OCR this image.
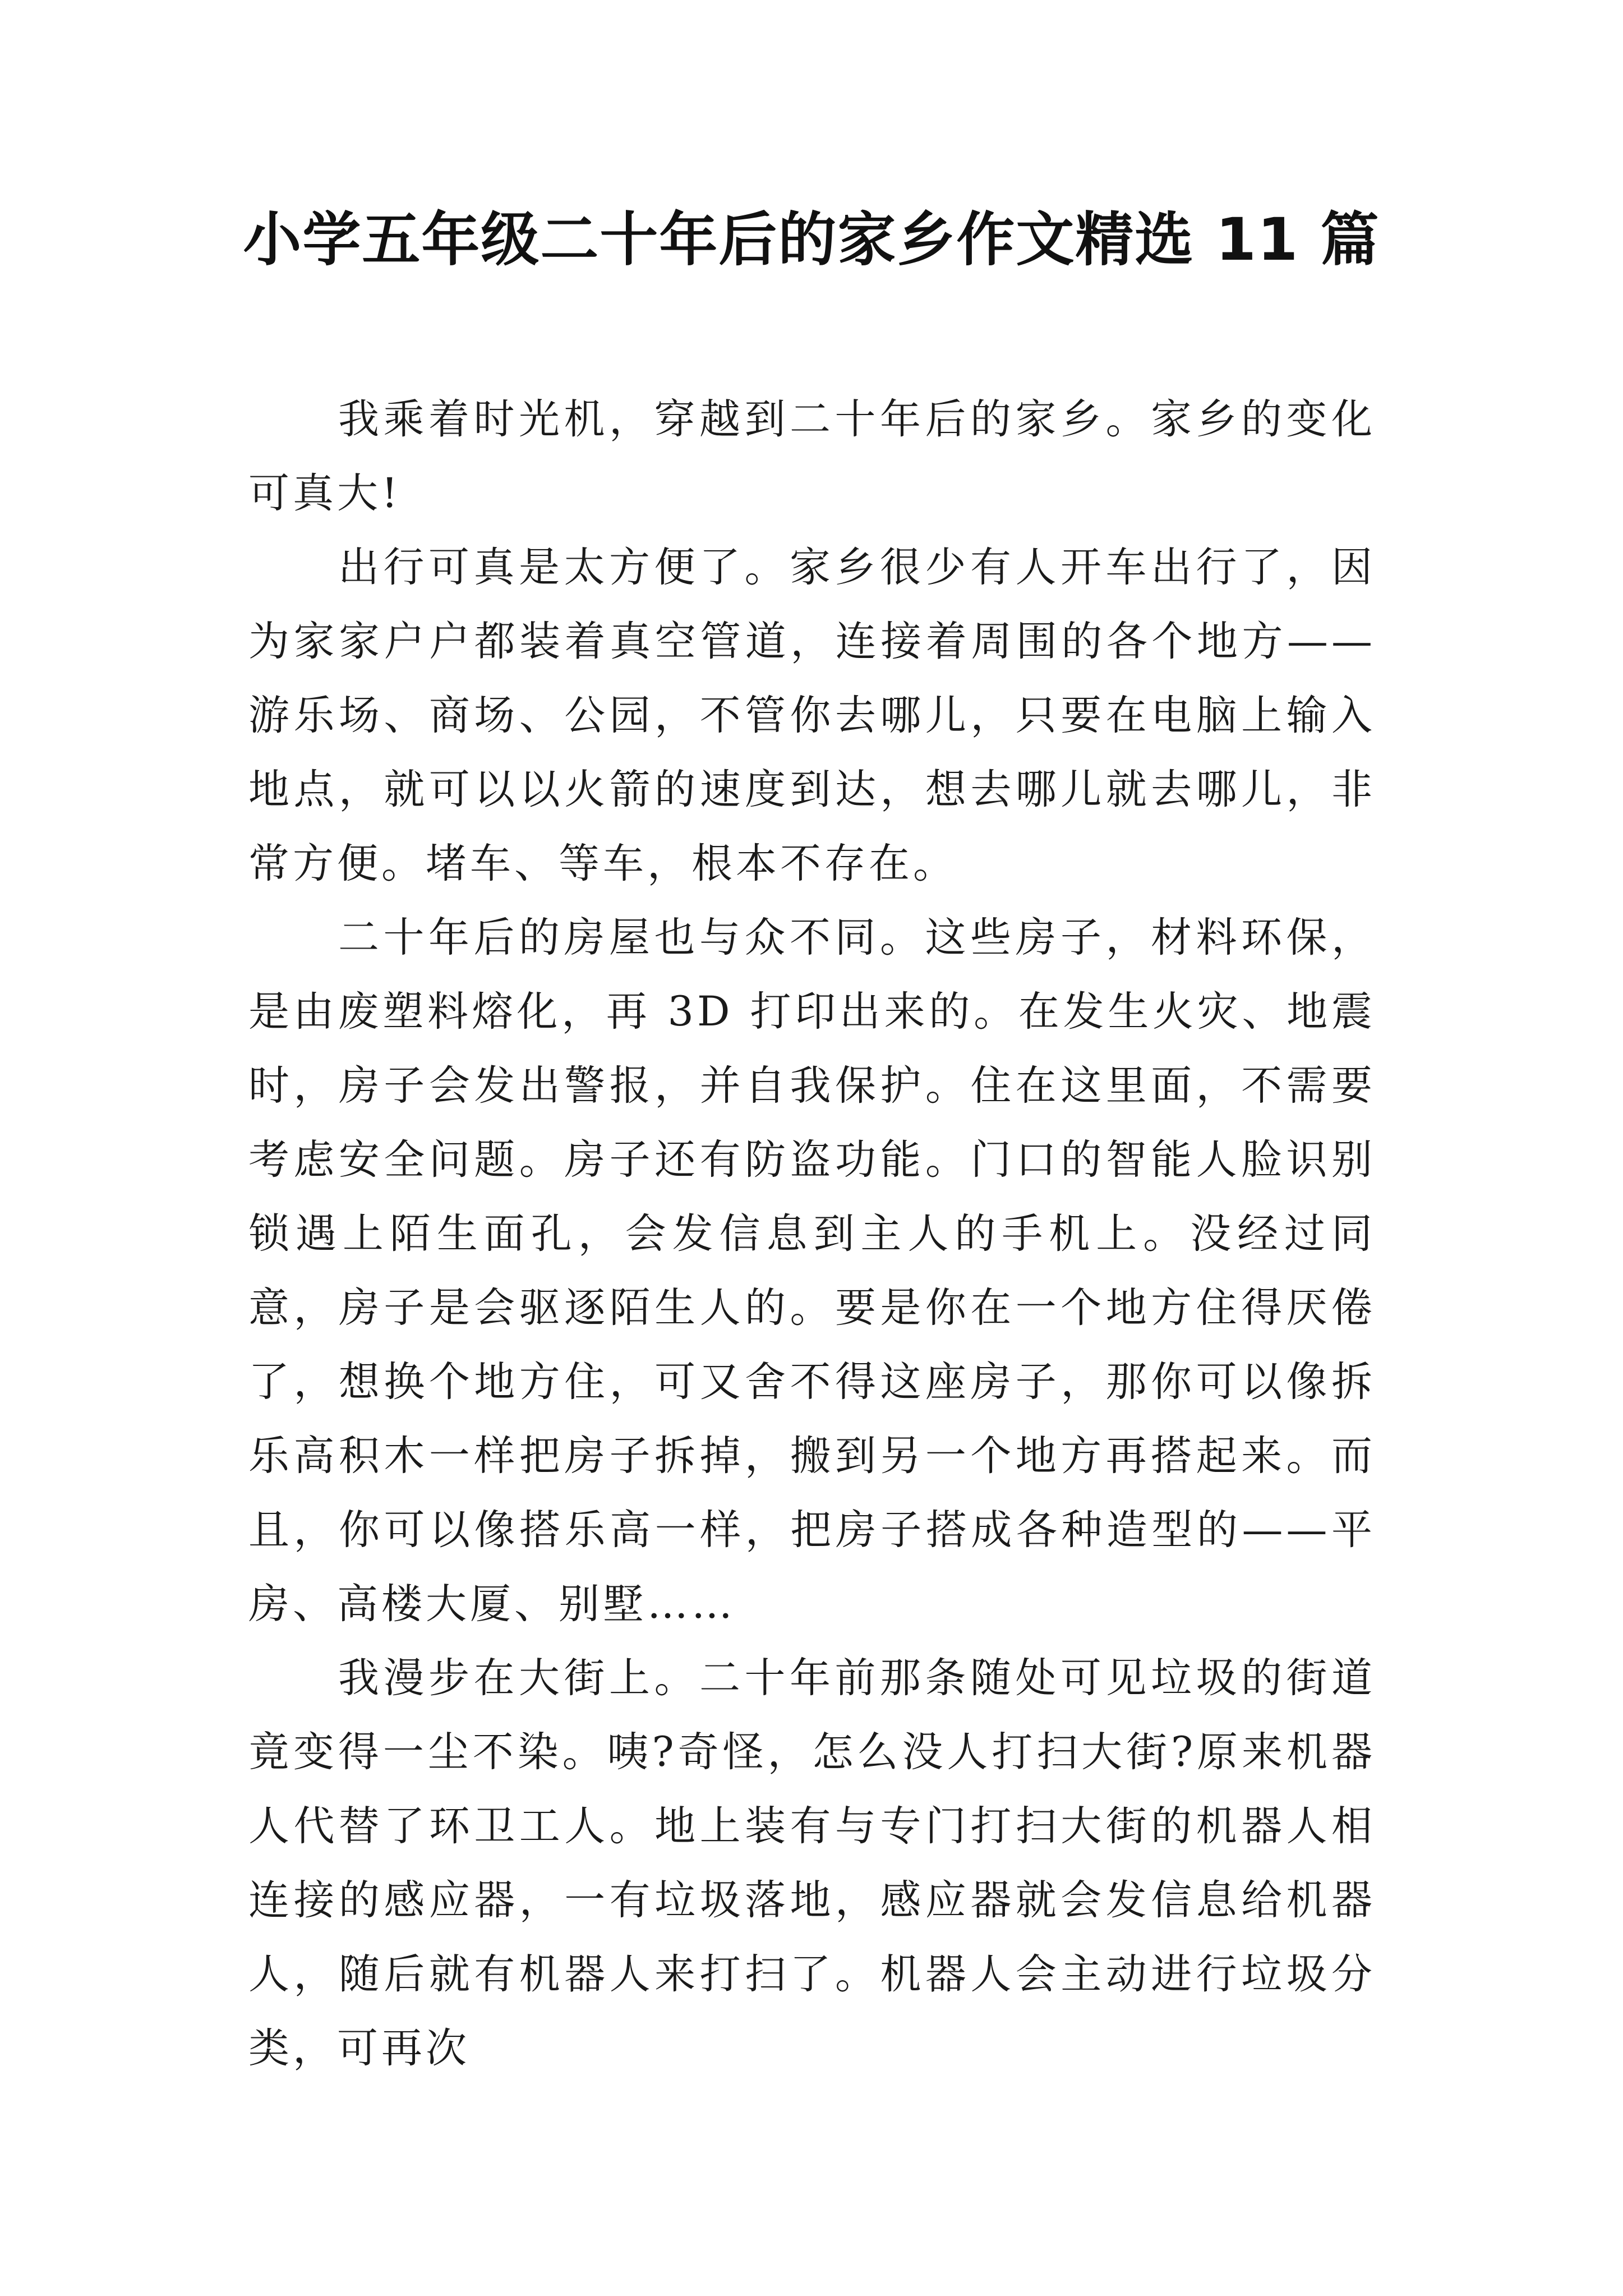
小学五年级二十年后的家乡作文精选 11 篇

我乘着时光机，穿越到二十年后的家乡。家乡的变化可真大!

出行可真是太方便了。家乡很少有人开车出行了，因为家家户户都装着真空管道，连接着周围的各个地方——游乐场、商场、公园，不管你去哪儿，只要在电脑上输入地点，就可以以火箭的速度到达，想去哪儿就去哪儿，非常方便。堵车、等车，根本不存在。

二十年后的房屋也与众不同。这些房子，材料环保，是由废塑料熔化，再 3D 打印出来的。在发生火灾、地震时，房子会发出警报，并自我保护。住在这里面，不需要考虑安全问题。房子还有防盗功能。门口的智能人脸识别锁遇上陌生面孔，会发信息到主人的手机上。没经过同意，房子是会驱逐陌生人的。要是你在一个地方住得厌倦了，想换个地方住，可又舍不得这座房子，那你可以像拆乐高积木一样把房子拆掉，搬到另一个地方再搭起来。而且，你可以像搭乐高一样，把房子搭成各种造型的——平房、高楼大厦、别墅……

我漫步在大街上。二十年前那条随处可见垃圾的街道竟变得一尘不染。咦?奇怪，怎么没人打扫大街?原来机器人代替了环卫工人。地上装有与专门打扫大街的机器人相连接的感应器，一有垃圾落地，感应器就会发信息给机器人，随后就有机器人来打扫了。机器人会主动进行垃圾分类，可再次
